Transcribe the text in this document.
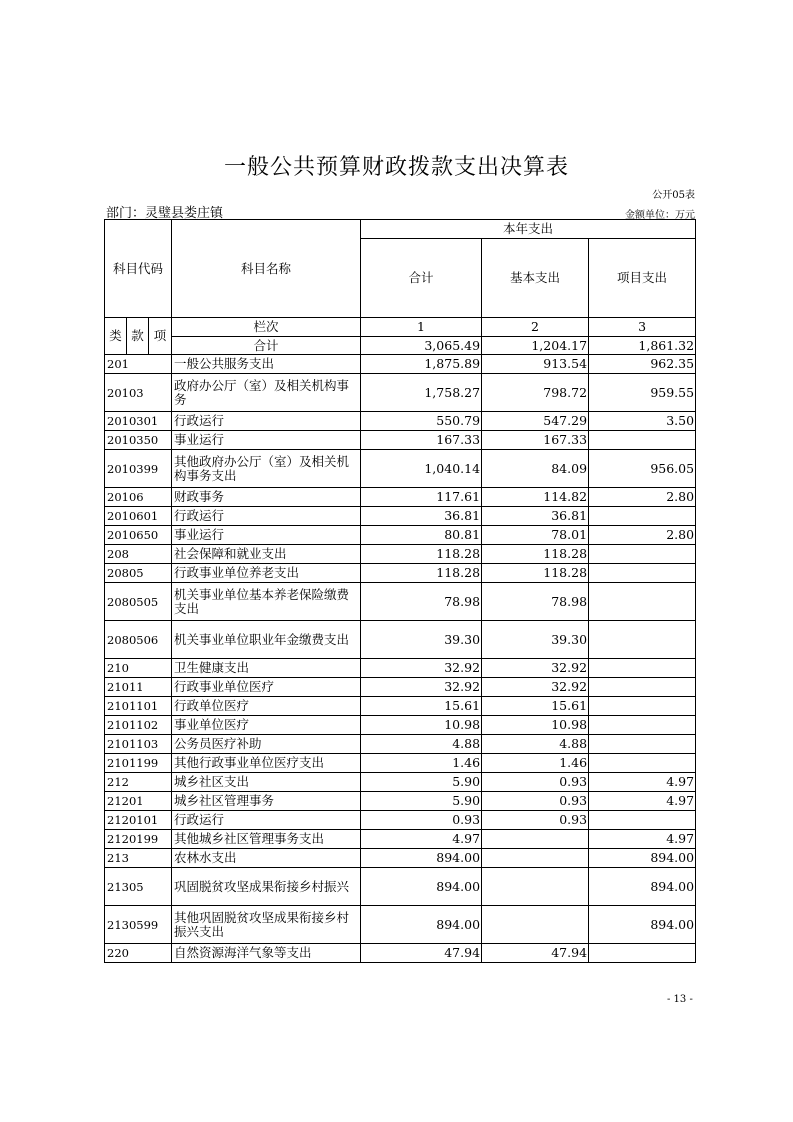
一般公共预算财政拨款支出决算表
公开05表
部门：灵璧县娄庄镇	金额单位：万元
科目代码			科目名称	本年支出		
				合计	基本支出	项目支出
类	款	项	栏次	1	2	3
			合计	3,065.49	1,204.17	1,861.32
201			一般公共服务支出	1,875.89	913.54	962.35
20103			政府办公厅（室）及相关机构事务	1,758.27	798.72	959.55
2010301			行政运行	550.79	547.29	3.50
2010350			事业运行	167.33	167.33	
2010399			其他政府办公厅（室）及相关机构事务支出	1,040.14	84.09	956.05
20106			财政事务	117.61	114.82	2.80
2010601			行政运行	36.81	36.81	
2010650			事业运行	80.81	78.01	2.80
208			社会保障和就业支出	118.28	118.28	
20805			行政事业单位养老支出	118.28	118.28	
2080505			机关事业单位基本养老保险缴费支出	78.98	78.98	
2080506			机关事业单位职业年金缴费支出	39.30	39.30	
210			卫生健康支出	32.92	32.92	
21011			行政事业单位医疗	32.92	32.92	
2101101			行政单位医疗	15.61	15.61	
2101102			事业单位医疗	10.98	10.98	
2101103			公务员医疗补助	4.88	4.88	
2101199			其他行政事业单位医疗支出	1.46	1.46	
212			城乡社区支出	5.90	0.93	4.97
21201			城乡社区管理事务	5.90	0.93	4.97
2120101			行政运行	0.93	0.93	
2120199			其他城乡社区管理事务支出	4.97		4.97
213			农林水支出	894.00		894.00
21305			巩固脱贫攻坚成果衔接乡村振兴	894.00		894.00
2130599			其他巩固脱贫攻坚成果衔接乡村振兴支出	894.00		894.00
220			自然资源海洋气象等支出	47.94	47.94	
- 13 -
